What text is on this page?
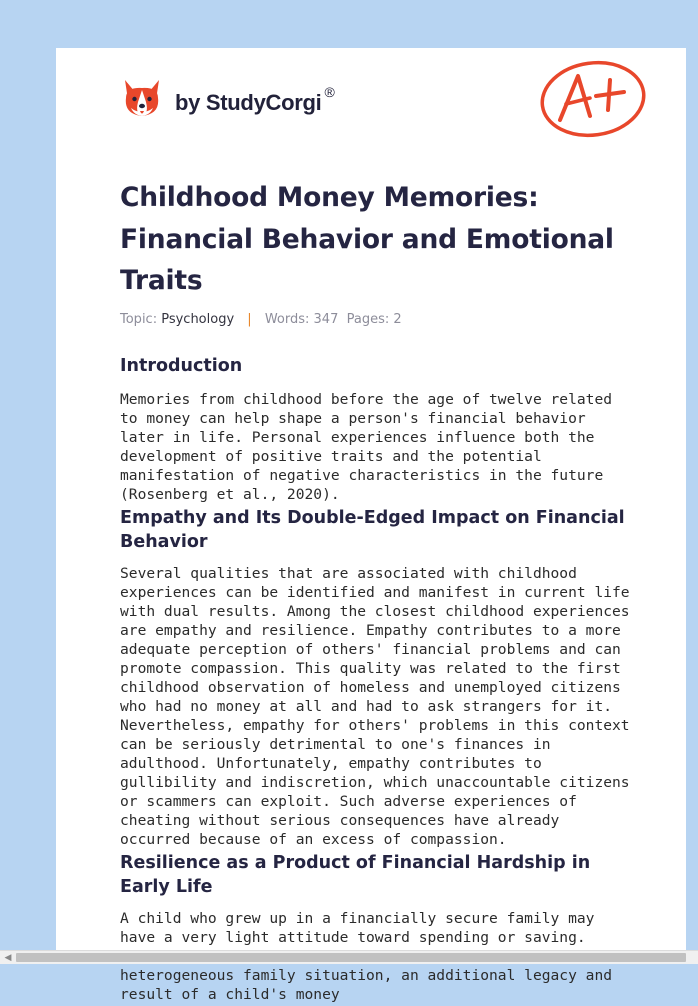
by StudyCorgi ®
Childhood Money Memories: Financial Behavior and Emotional Traits
Topic: Psychology | Words: 347 Pages: 2
Introduction

Memories from childhood before the age of twelve related to money can help shape a person's financial behavior later in life. Personal experiences influence both the development of positive traits and the potential manifestation of negative characteristics in the future (Rosenberg et al., 2020).

Empathy and Its Double-Edged Impact on Financial Behavior

Several qualities that are associated with childhood experiences can be identified and manifest in current life with dual results. Among the closest childhood experiences are empathy and resilience. Empathy contributes to a more adequate perception of others' financial problems and can promote compassion. This quality was related to the first childhood observation of homeless and unemployed citizens who had no money at all and had to ask strangers for it. Nevertheless, empathy for others' problems in this context can be seriously detrimental to one's finances in adulthood. Unfortunately, empathy contributes to gullibility and indiscretion, which unaccountable citizens or scammers can exploit. Such adverse experiences of cheating without serious consequences have already occurred because of an excess of compassion.

Resilience as a Product of Financial Hardship in Early Life

A child who grew up in a financially secure family may have a very light attitude toward spending or saving. heterogeneous family situation, an additional legacy and result of a child's money

◀
